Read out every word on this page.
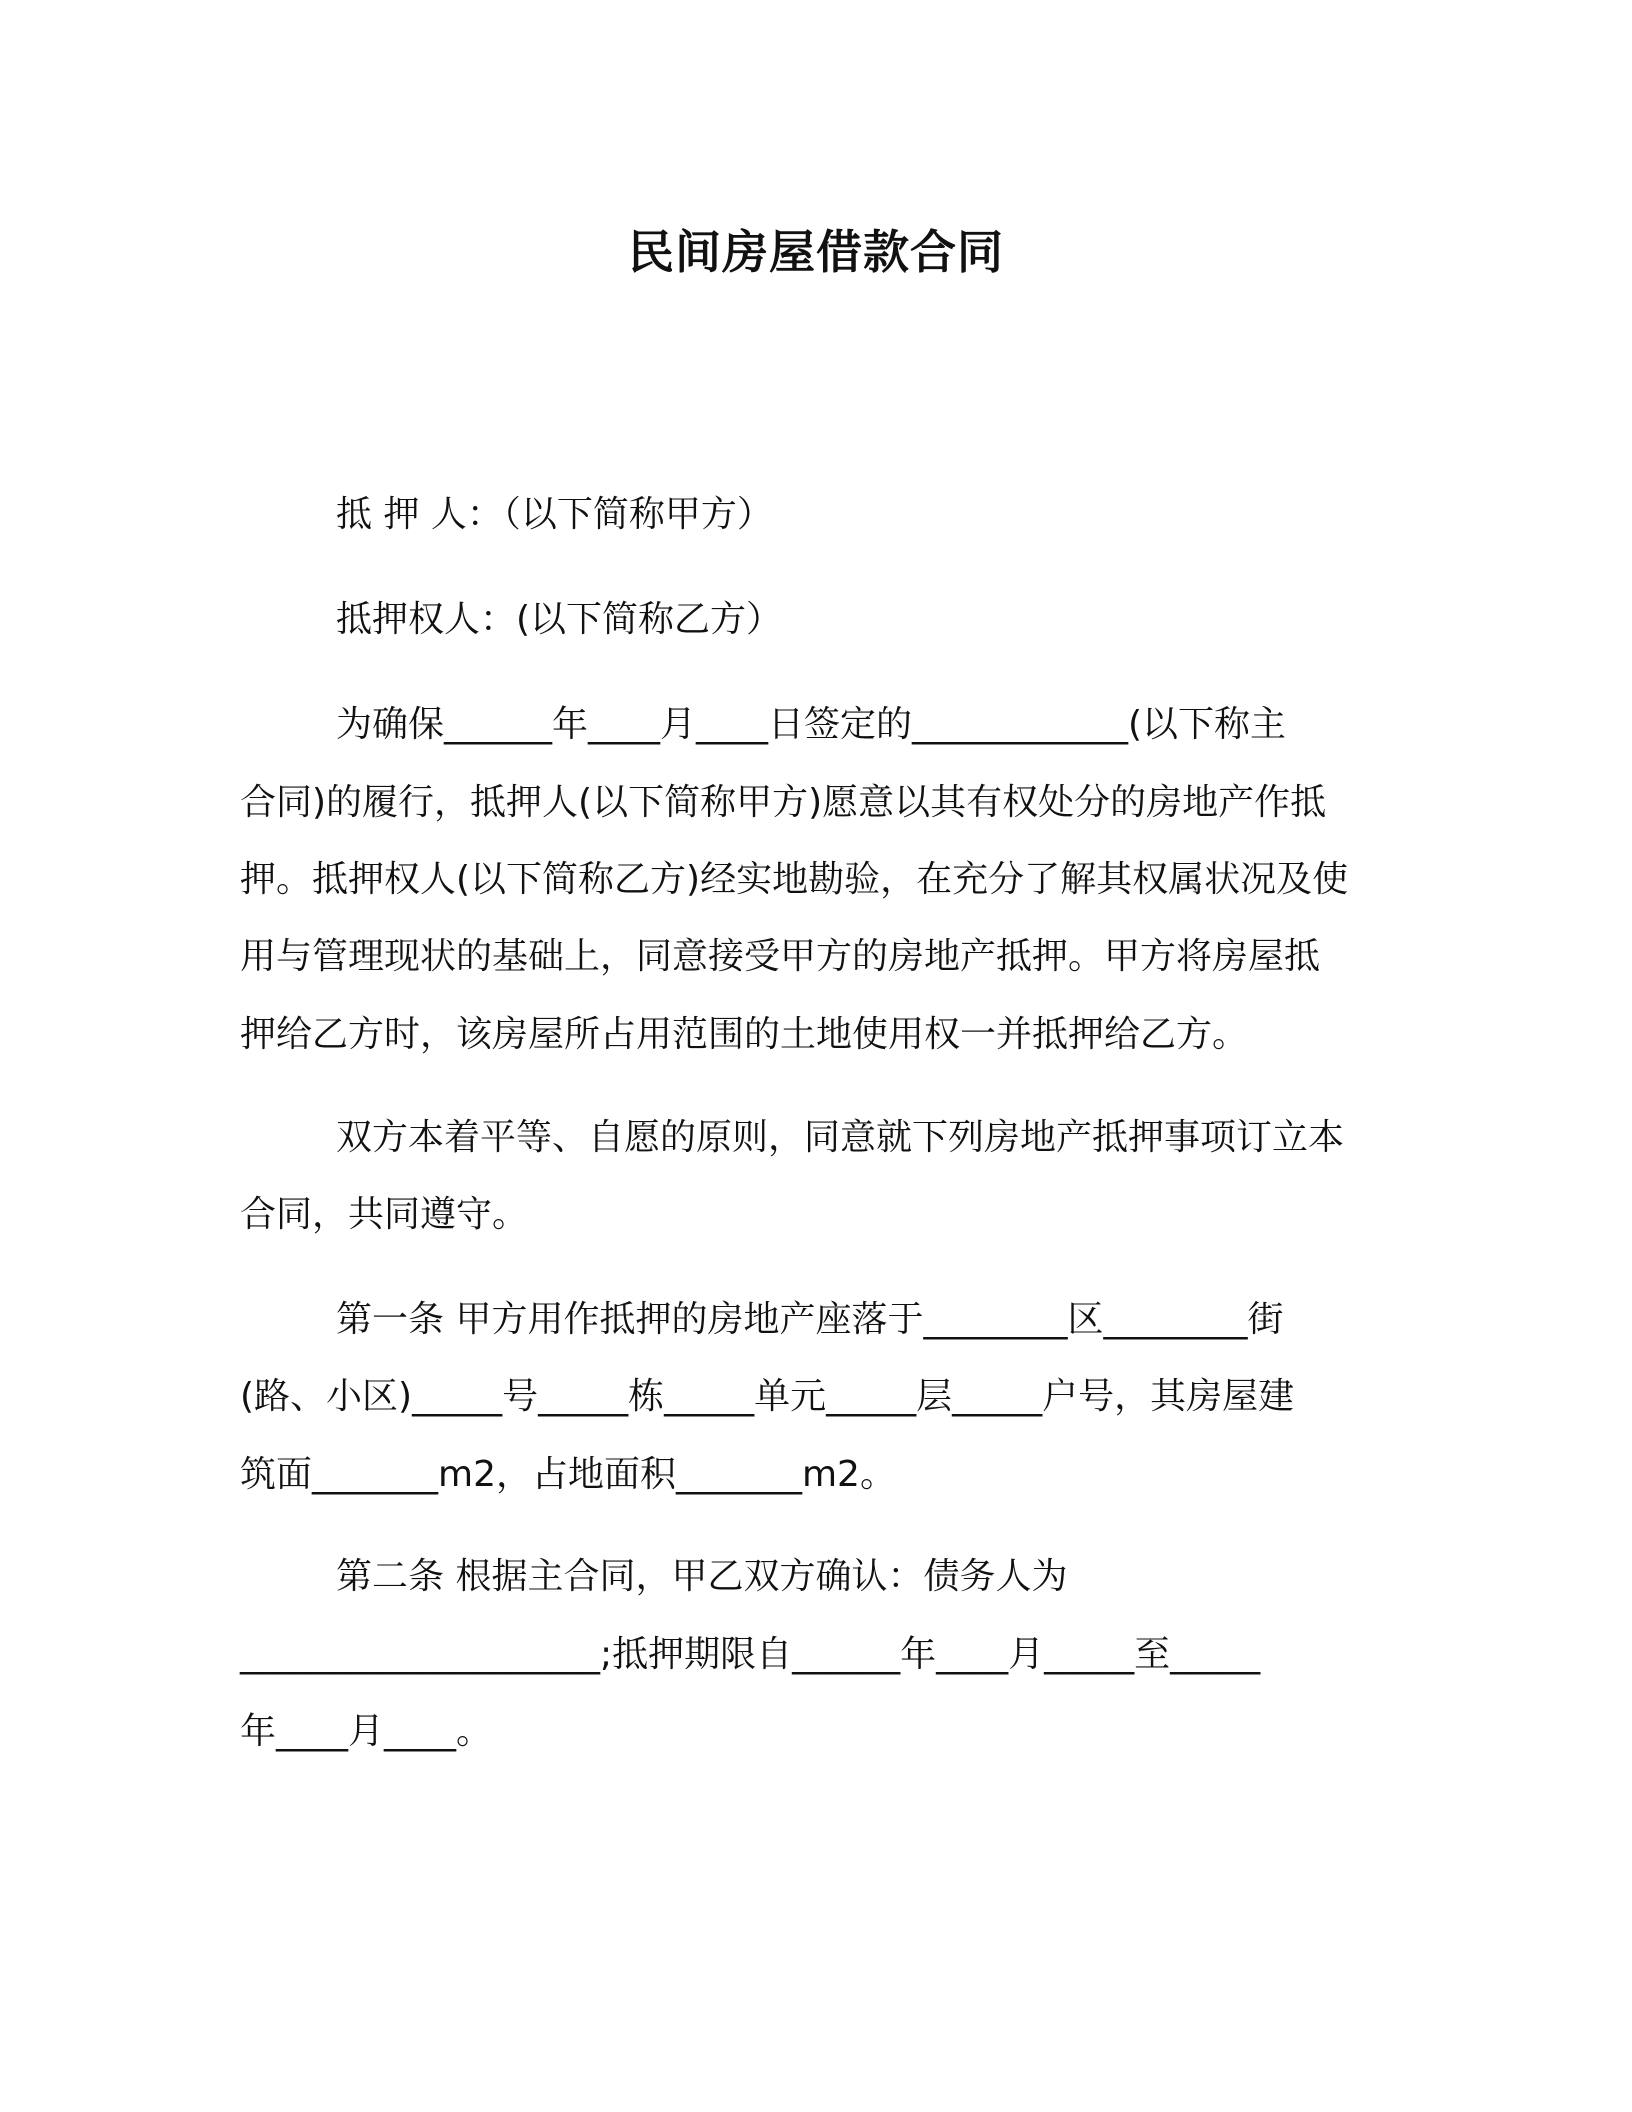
民间房屋借款合同
抵 押 人：（以下简称甲方）
抵押权人：(以下简称乙方）
为确保______年____月____日签定的____________(以下称主
合同)的履行，抵押人(以下简称甲方)愿意以其有权处分的房地产作抵
押。抵押权人(以下简称乙方)经实地勘验，在充分了解其权属状况及使
用与管理现状的基础上，同意接受甲方的房地产抵押。甲方将房屋抵
押给乙方时，该房屋所占用范围的土地使用权一并抵押给乙方。
双方本着平等、自愿的原则，同意就下列房地产抵押事项订立本
合同，共同遵守。
第一条 甲方用作抵押的房地产座落于________区________街
(路、小区)_____号_____栋_____单元_____层_____户号，其房屋建
筑面_______m2，占地面积_______m2。
第二条 根据主合同，甲乙双方确认：债务人为
____________________;抵押期限自______年____月_____至_____
年____月____。
